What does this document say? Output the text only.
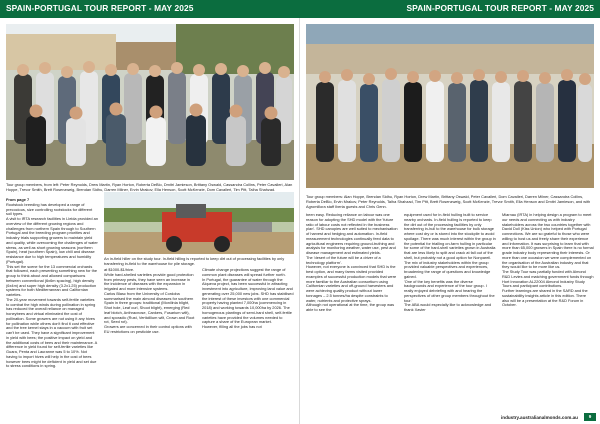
SPAIN-PORTUGAL TOUR REPORT - MAY 2025
Tour group members, from left: Peter Reynolds, Drew Martin, Ryan Horton, Roberta DeBlo, Dmitri Jamieson, Brittany Oswald, Cassandra Collins, Peter Cavalleri, Alan Hoppe, Trevor Smith, Brett Rosenzweig, Brendan Sidhu, Darren Milner, Ervin Mrakov, Ella Henson, Scott McKenzie, Dom Cavalleri, Tim Pitt, Talha Shahzad.

From page 7

Rootstock breeding has developed a range of precocious, size controlling rootstocks for different soil types.

A visit to IRTA research facilities in Lleida provided an overview of the different growing regions and challenges from northern Spain through to Southern Portugal and the breeding program priorities and industry trials supporting growers to maintain yield and quality, while overcoming the challenges of water stress, as well as short growing seasons (northern Spain), heat (southern Spain), low chill and disease resistance due to high temperatures and humidity (Portugal).

This set the scene for the 13 commercial orchards that followed, each presenting something new for the group to think about and allowed comparisons between conventional (6x6m spacing), high density (6x4m) and super high density (3.2x1.25) production systems for both Mediterranean and Californian varieties.

The 20-year movement towards self-fertile varieties to combat the high winds during pollination in spring has reduced the overall reliance on managed honeybees and virtual eliminated the cost of pollination. Some growers are not using it any hives for pollination while others don't find it cost effective and the tree kernel stays in a vaccum with fruit set can't be used. They have a significant improvement in yield with bees; the positive impact on yield and the additional costs of bees and their maintenance. A difference in yield found for self-fertile varieties like Guara, Penta and Lauranne was 5 to 10%. Not having to import hives will help in the cost of bees however bees might be deficient in yield and set due to stress conditions in spring.

An in-field hiller on the study tour. In-field hilling is reported to keep dirt out of processing facilities by only transferring in-field to the warehouse for pile storage.

at $1000-$1/hive.

While hard-shelled varieties provide good protection from primary pests, they have seen an increase in the incidence of diseases with the expansion in irrigated and more intensive systems.

Carlos Blasc from the University of Cordoba summarised the main almond diseases for southern Spain in three groups: traditional (Monilinia blight, Shot hole, Leaf curl, Shoot blight), emerging (Red leaf blotch, Anthracnose, Cankers, Fusarium wilt), and sporadic (Rust, Verticillium wilt, Crown and Root rot, Seed rot).

Growers are concerned in their control options with EU restrictions on pesticide use.

Climate change projections suggest the range of common plant diseases will spread further north.

In Portugal, the guarantee of water through the Alqueva project, has been successful in attracting investment into agriculture, improving land value and generating over 25,000 new jobs. SHD has stabilised the interest of these investors with one commercial property having planted 7,000ha (commencing in 2018) and working towards 10,000ha by 2026. The homogenous plantings of semi-hard shell, self-fertile varieties have provided the volumes needed to capture a share of the European market.

However, filling all the jobs has not

SPAIN-PORTUGAL TOUR REPORT - MAY 2025
Tour group members: Alan Hoppe, Brendan Sidhu, Ryan Horton, Drew Martin, Brittany Oswald, Peter Cavalleri, Dom Cavalleri, Darren Milner, Cassandra Collins, Roberta DeBlo, Ervin Mrakov, Peter Reynolds, Talha Shahzad, Tim Pitt, Brett Rosenzweig, Scott McKenzie, Trevor Smith, Ella Henson and Dmitri Jamieson, and with Agromillora staff Iberia guests and Chris Genn.

been easy. Reducing reliance on labour was one reason for adopting the SHD model with the 'future ratio of labour costs not reflected in the business plan'. SHD canopies are well suited to mechanisation of harvest and hedging and automation. In-field measurement technologies continually feed data to agricultural engineers requiring ground-truthing and analysis for monitoring weather, water use, pest and disease management and estimated yields.

The 'desert of the future will be a driver of a technology platform'.

However, not everyone is convinced that SHD is the best option, and many farms visited provided examples of successful production models that were more familiar to the Australian consortium using Californian varieties and off-ground harvesters and were achieving quality product without lower tonnages – 2.5 tonnes/ha despite constraints to water, nutrients and protective sprays.

Although not operational at the time, the group was able to see the

equipment used for in-field hulling built to service nearby orchards. In-field hulling is reported to keep the dirt out of the processing facilities by only transferring in-hull to the warehouse for bulk storage where cost dry or is stored into the stockpile to avoid spoilage. There was much interest within the group in the potential for trialling on-farm hulling in particular for some of the hard-shell varieties grown in Australia that are less likely to split and crack at fall out of the shell, but probably not a good option for Nonpareil.

The mix of industry stakeholders within the group provided valuable perspectives and experiences, broadening the range of questions and knowledge gained.

'One of the key benefits was the diverse backgrounds and experience of the tour group. I really enjoyed debriefing with and hearing the perspectives of other group members throughout the tour.'

The ABA would especially like to acknowledge and thank Xavier

Miarnau (IRTA) in helping design a program to meet our needs and connecting us with industry stakeholders across the two countries together with David Doll (Kiss Union) who helped with Portugal connections. We are so grateful to those who were willing to host us and freely share their experience and information. It was surprising to learn that with more than 65,000 growers in Spain there is no formal grade industry body representing their interests. Or more than one occasion we were complemented on the organisation of the Australian industry and that they would like to be more like us.

The Study Tour was partially funded with Almond R&D Levies and matching government funds through Hort Innovation AL22004 Almond Industry Study Tours and participant contributions.

Further learnings are shared in the SARD and the sustainability insights article in this edition. There also will be a presentation at the R&D Forum in October.

industry.australianalmonds.com.au	9
